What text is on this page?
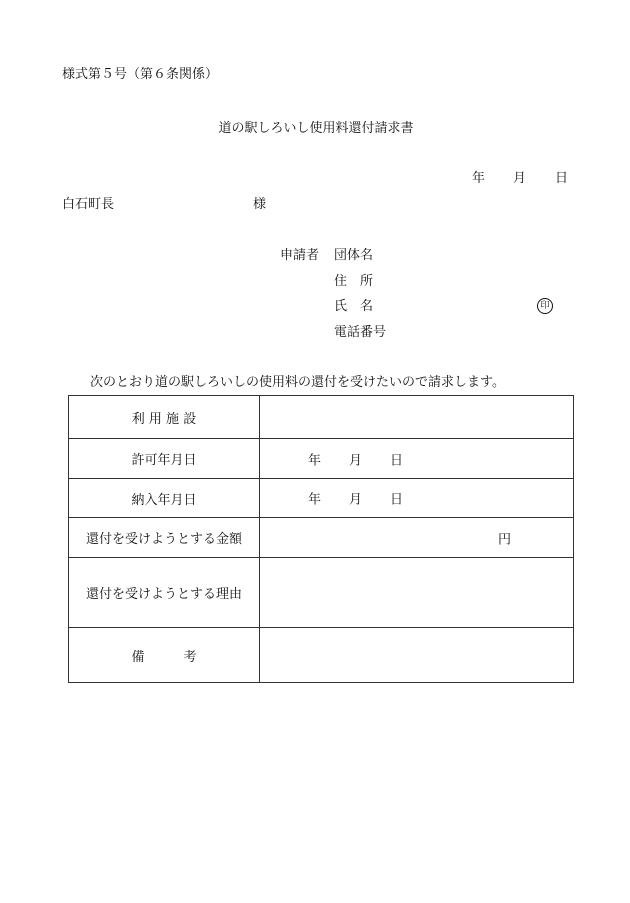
様式第５号（第６条関係）
道の駅しろいし使用料還付請求書
年 月 日
白石町長	様
申請者 団体名
住　所
氏　名	印
電話番号
次のとおり道の駅しろいしの使用料の還付を受けたいので請求します。
利 用 施 設	
許可年月日	年 月 日

納入年月日	年 月 日

還付を受けようとする金額	円

還付を受けようとする理由	
備　　　考	
